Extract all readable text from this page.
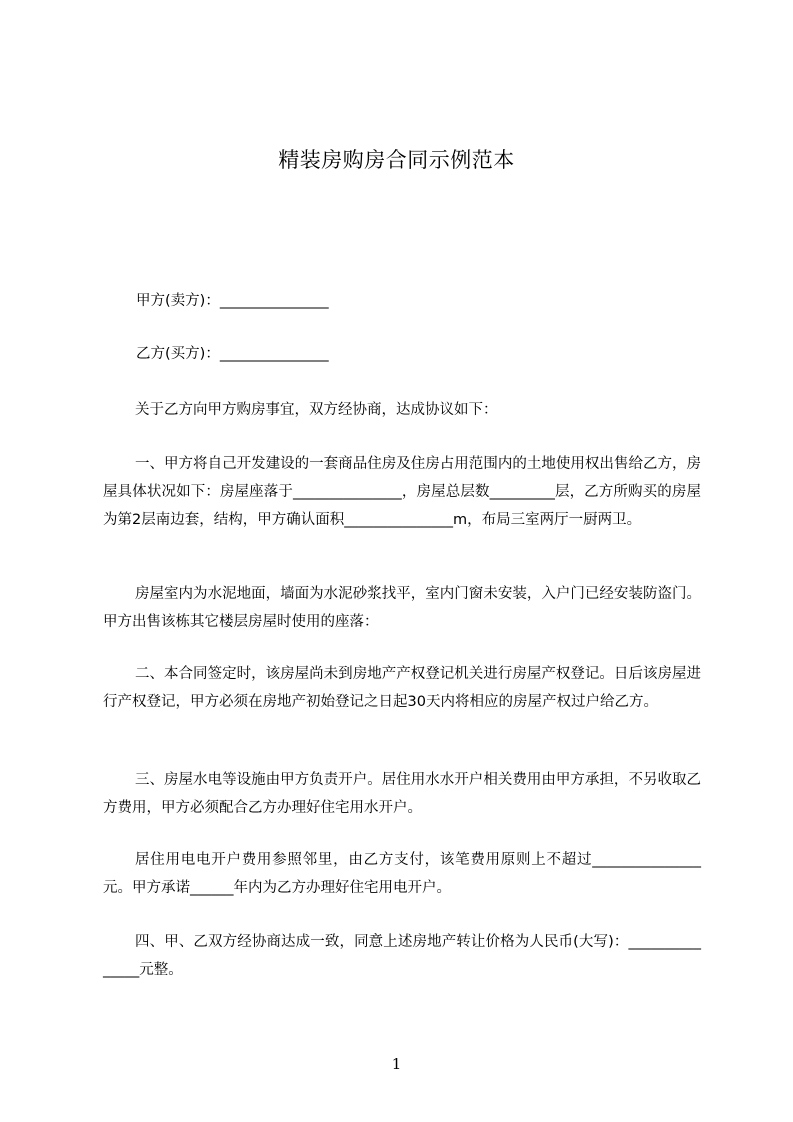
精装房购房合同示例范本

甲方(卖方)：_______________

乙方(买方)：_______________

关于乙方向甲方购房事宜，双方经协商，达成协议如下：

一、甲方将自己开发建设的一套商品住房及住房占用范围内的土地使用权出售给乙方，房屋具体状况如下：房屋座落于_______________，房屋总层数_________层，乙方所购买的房屋为第2层南边套，结构，甲方确认面积_______________m，布局三室两厅一厨两卫。

房屋室内为水泥地面，墙面为水泥砂浆找平，室内门窗未安装，入户门已经安装防盗门。甲方出售该栋其它楼层房屋时使用的座落：

二、本合同签定时，该房屋尚未到房地产产权登记机关进行房屋产权登记。日后该房屋进行产权登记，甲方必须在房地产初始登记之日起30天内将相应的房屋产权过户给乙方。

三、房屋水电等设施由甲方负责开户。居住用水水开户相关费用由甲方承担，不另收取乙方费用，甲方必须配合乙方办理好住宅用水开户。

居住用电电开户费用参照邻里，由乙方支付，该笔费用原则上不超过_______________元。甲方承诺______年内为乙方办理好住宅用电开户。

四、甲、乙双方经协商达成一致，同意上述房地产转让价格为人民币(大写)：_______________元整。

1
